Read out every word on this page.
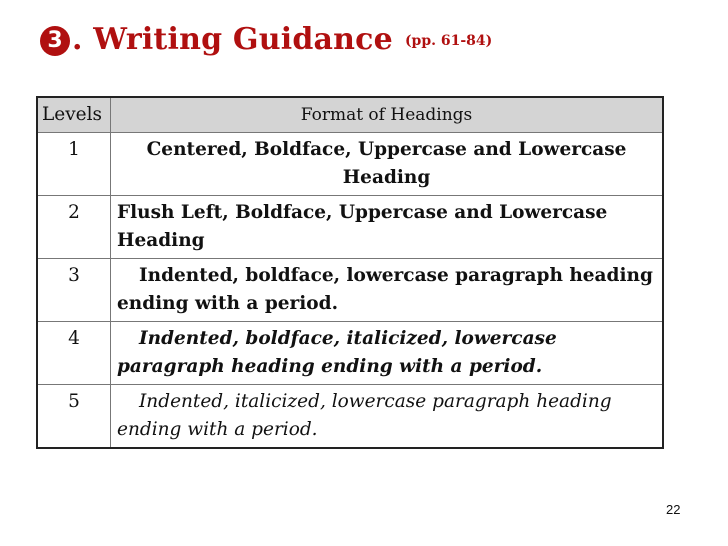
3 . Writing Guidance (pp. 61-84)
Levels	Format of Headings
1	Centered, Boldface, Uppercase and Lowercase Heading
2	Flush Left, Boldface, Uppercase and Lowercase Heading
3	Indented, boldface, lowercase paragraph heading ending with a period.
4	Indented, boldface, italicized, lowercase paragraph heading ending with a period.
5	Indented, italicized, lowercase paragraph heading ending with a period.
22
